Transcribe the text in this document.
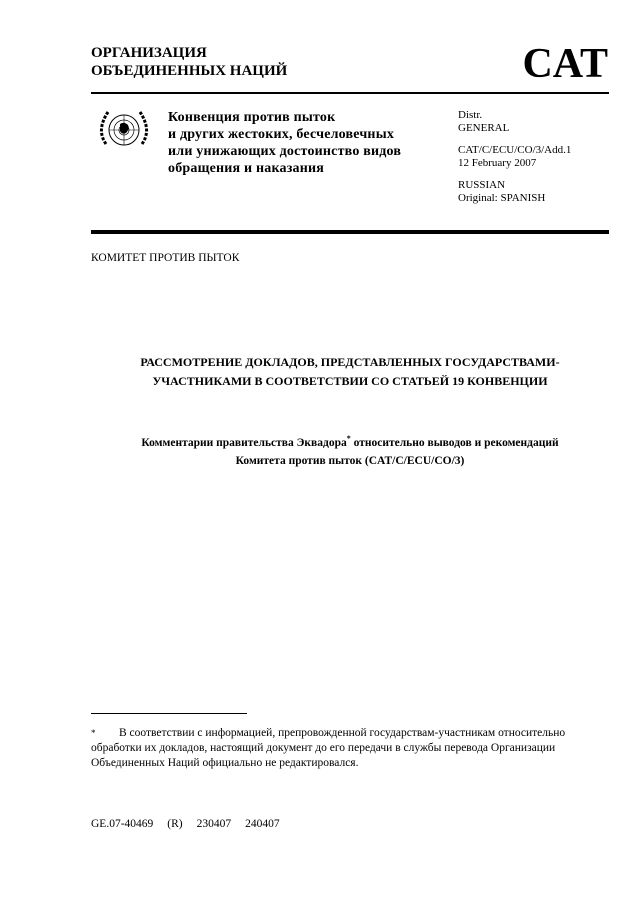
ОРГАНИЗАЦИЯ
ОБЪЕДИНЕННЫХ НАЦИЙ	CAT
Конвенция против пыток
и других жестоких, бесчеловечных
или унижающих достоинство видов
обращения и наказания
Distr.
GENERAL
CAT/C/ECU/CO/3/Add.1
12 February 2007
RUSSIAN
Original: SPANISH
КОМИТЕТ ПРОТИВ ПЫТОК
РАССМОТРЕНИЕ ДОКЛАДОВ, ПРЕДСТАВЛЕННЫХ ГОСУДАРСТВАМИ-
УЧАСТНИКАМИ В СООТВЕТСТВИИ СО СТАТЬЕЙ 19 КОНВЕНЦИИ
Комментарии правительства Эквадора* относительно выводов и рекомендаций
Комитета против пыток (CAT/C/ECU/CO/3)
* В соответствии с информацией, препровожденной государствам-участникам относительно обработки их докладов, настоящий документ до его передачи в службы перевода Организации Объединенных Наций официально не редактировался.
GE.07-40469 (R) 230407 240407
